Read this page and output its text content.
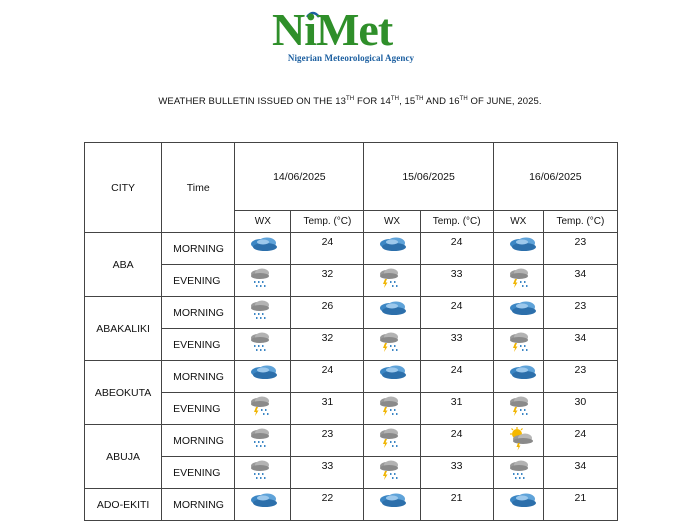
NiMet
Nigerian Meteorological Agency
WEATHER BULLETIN ISSUED ON THE 13TH FOR 14TH, 15TH AND 16TH OF JUNE, 2025.
CITY	Time	14/06/2025		15/06/2025		16/06/2025	
		WX	Temp. (°C)	WX	Temp. (°C)	WX	Temp. (°C)
ABA	MORNING		24		24		23
	EVENING		32		33		34
ABAKALIKI	MORNING		26		24		23
	EVENING		32		33		34
ABEOKUTA	MORNING		24		24		23
	EVENING		31		31		30
ABUJA	MORNING		23		24		24
	EVENING		33		33		34
ADO-EKITI	MORNING		22		21		21
